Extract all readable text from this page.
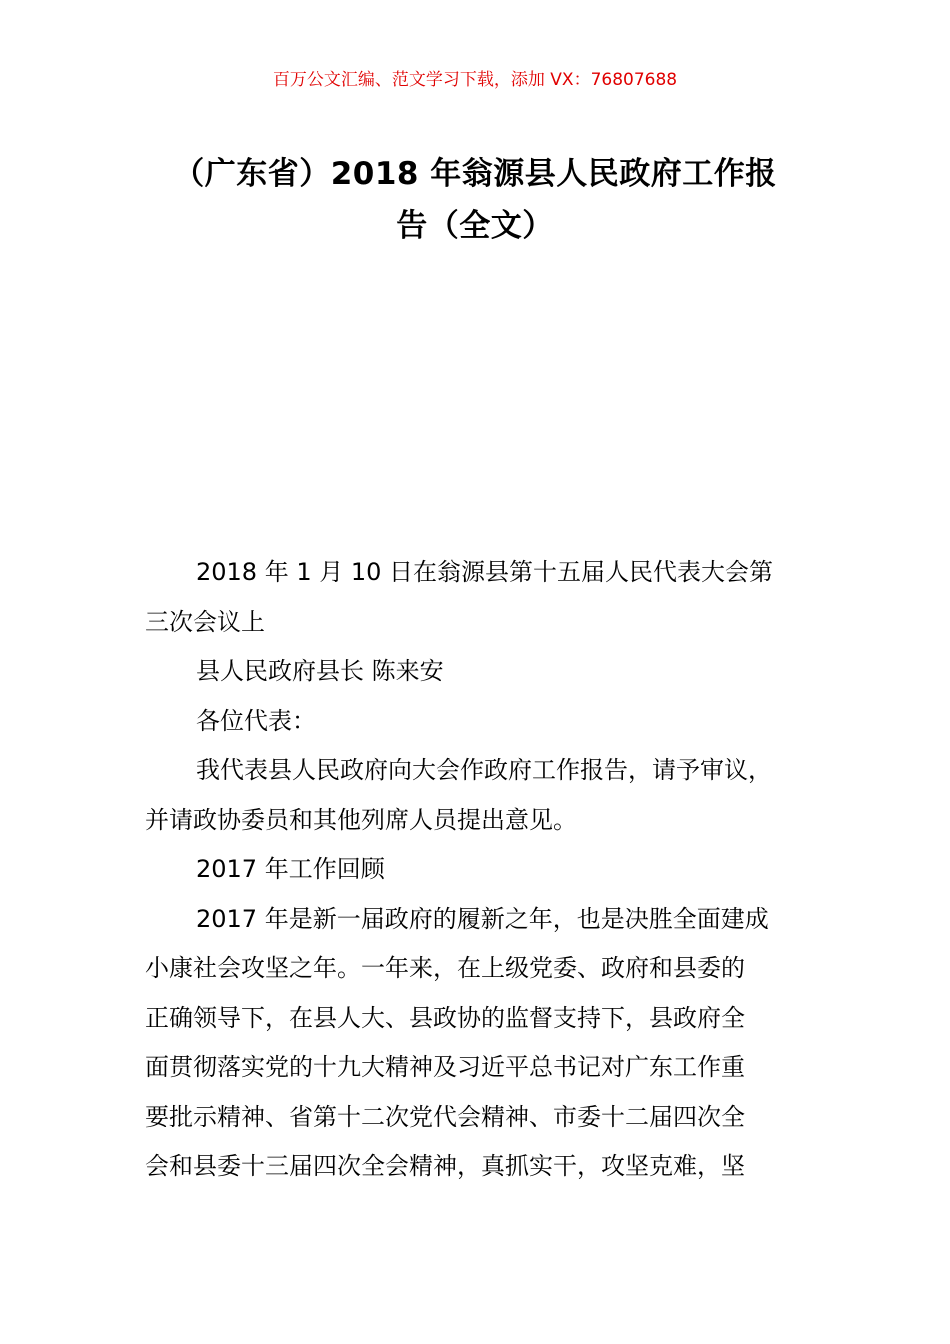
百万公文汇编、范文学习下载，添加 VX：76807688
（广东省）2018 年翁源县人民政府工作报
告（全文）

2018 年 1 月 10 日在翁源县第十五届人民代表大会第
三次会议上

县人民政府县长 陈来安

各位代表：

我代表县人民政府向大会作政府工作报告，请予审议，
并请政协委员和其他列席人员提出意见。

2017 年工作回顾

2017 年是新一届政府的履新之年，也是决胜全面建成
小康社会攻坚之年。一年来，在上级党委、政府和县委的
正确领导下，在县人大、县政协的监督支持下，县政府全
面贯彻落实党的十九大精神及习近平总书记对广东工作重
要批示精神、省第十二次党代会精神、市委十二届四次全
会和县委十三届四次全会精神，真抓实干，攻坚克难，坚
